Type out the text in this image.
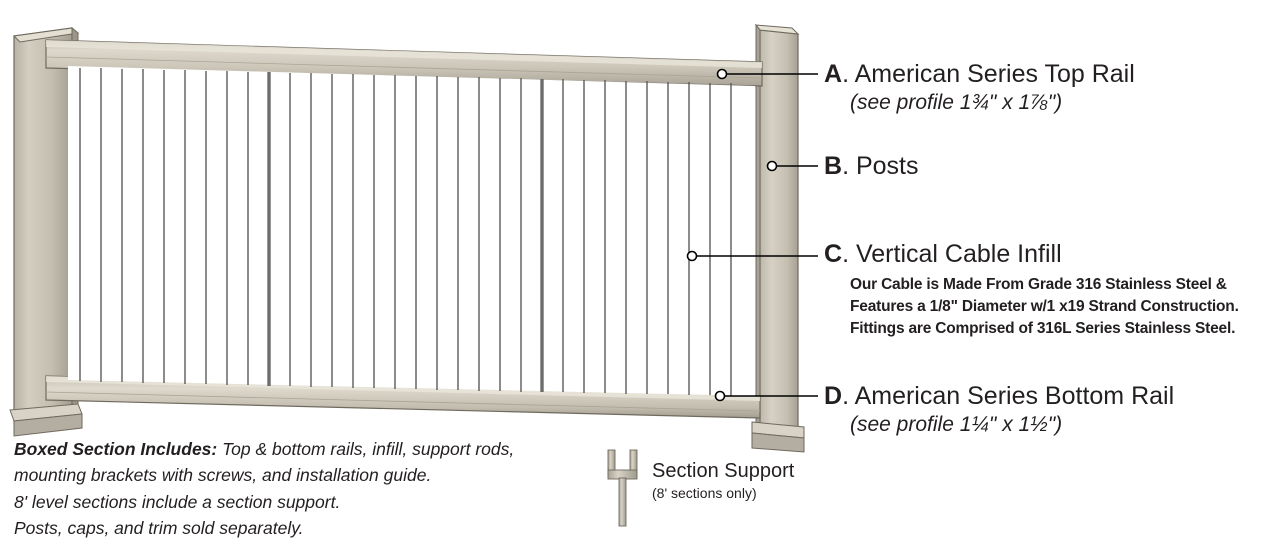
A. American Series Top Rail
(see profile 1¾" x 1⅞")
B. Posts
C. Vertical Cable Infill
Our Cable is Made From Grade 316 Stainless Steel & Features a 1/8" Diameter w/1 x19 Strand Construction. Fittings are Comprised of 316L Series Stainless Steel.
D. American Series Bottom Rail
(see profile 1¼" x 1½")
Boxed Section Includes: Top & bottom rails, infill, support rods,
mounting brackets with screws, and installation guide.
8' level sections include a section support.
Posts, caps, and trim sold separately.
Section Support
(8' sections only)
